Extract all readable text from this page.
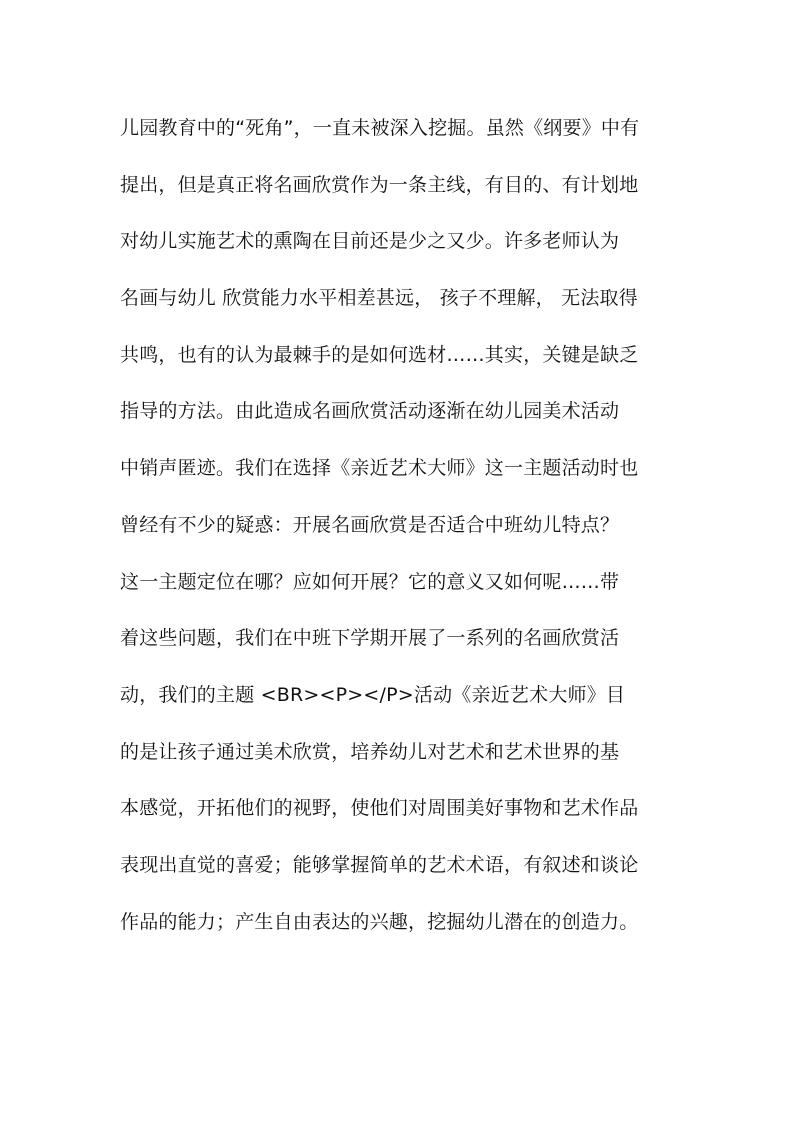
儿园教育中的“死角”，一直未被深入挖掘。虽然《纲要》中有
提出，但是真正将名画欣赏作为一条主线，有目的、有计划地
对幼儿实施艺术的熏陶在目前还是少之又少。许多老师认为
名画与幼儿 欣赏能力水平相差甚远， 孩子不理解， 无法取得
共鸣，也有的认为最棘手的是如何选材……其实，关键是缺乏
指导的方法。由此造成名画欣赏活动逐渐在幼儿园美术活动
中销声匿迹。我们在选择《亲近艺术大师》这一主题活动时也
曾经有不少的疑惑：开展名画欣赏是否适合中班幼儿特点？
这一主题定位在哪？应如何开展？它的意义又如何呢……带
着这些问题，我们在中班下学期开展了一系列的名画欣赏活
动，我们的主题 <BR><P></P>活动《亲近艺术大师》目
的是让孩子通过美术欣赏，培养幼儿对艺术和艺术世界的基
本感觉，开拓他们的视野，使他们对周围美好事物和艺术作品
表现出直觉的喜爱；能够掌握简单的艺术术语，有叙述和谈论
作品的能力；产生自由表达的兴趣，挖掘幼儿潜在的创造力。
